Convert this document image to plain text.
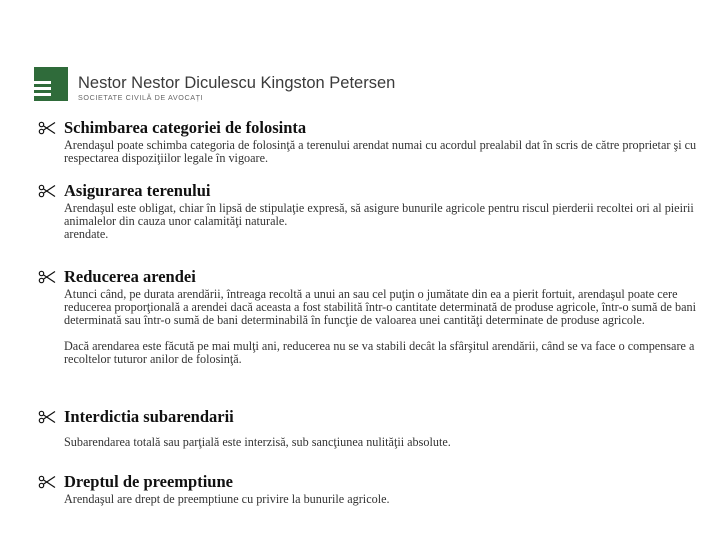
Nestor Nestor Diculescu Kingston Petersen
SOCIETATE CIVILĂ DE AVOCAȚI
Schimbarea categoriei de folosinta

Arendaşul poate schimba categoria de folosinţă a terenului arendat numai cu acordul prealabil dat în scris de către proprietar şi cu respectarea dispoziţiilor legale în vigoare.

Asigurarea terenului

Arendaşul este obligat, chiar în lipsă de stipulaţie expresă, să asigure bunurile agricole pentru riscul pierderii recoltei ori al pieirii animalelor din cauza unor calamităţi naturale.

arendate.

Reducerea arendei

Atunci când, pe durata arendării, întreaga recoltă a unui an sau cel puţin o jumătate din ea a pierit fortuit, arendaşul poate cere reducerea proporţională a arendei dacă aceasta a fost stabilită într-o cantitate determinată de produse agricole, într-o sumă de bani determinată sau într-o sumă de bani determinabilă în funcţie de valoarea unei cantităţi determinate de produse agricole.

Dacă arendarea este făcută pe mai mulţi ani, reducerea nu se va stabili decât la sfârşitul arendării, când se va face o compensare a recoltelor tuturor anilor de folosinţă.

Interdictia subarendarii

Subarendarea totală sau parţială este interzisă, sub sancţiunea nulităţii absolute.

Dreptul de preemptiune

Arendaşul are drept de preemptiune cu privire la bunurile agricole.
